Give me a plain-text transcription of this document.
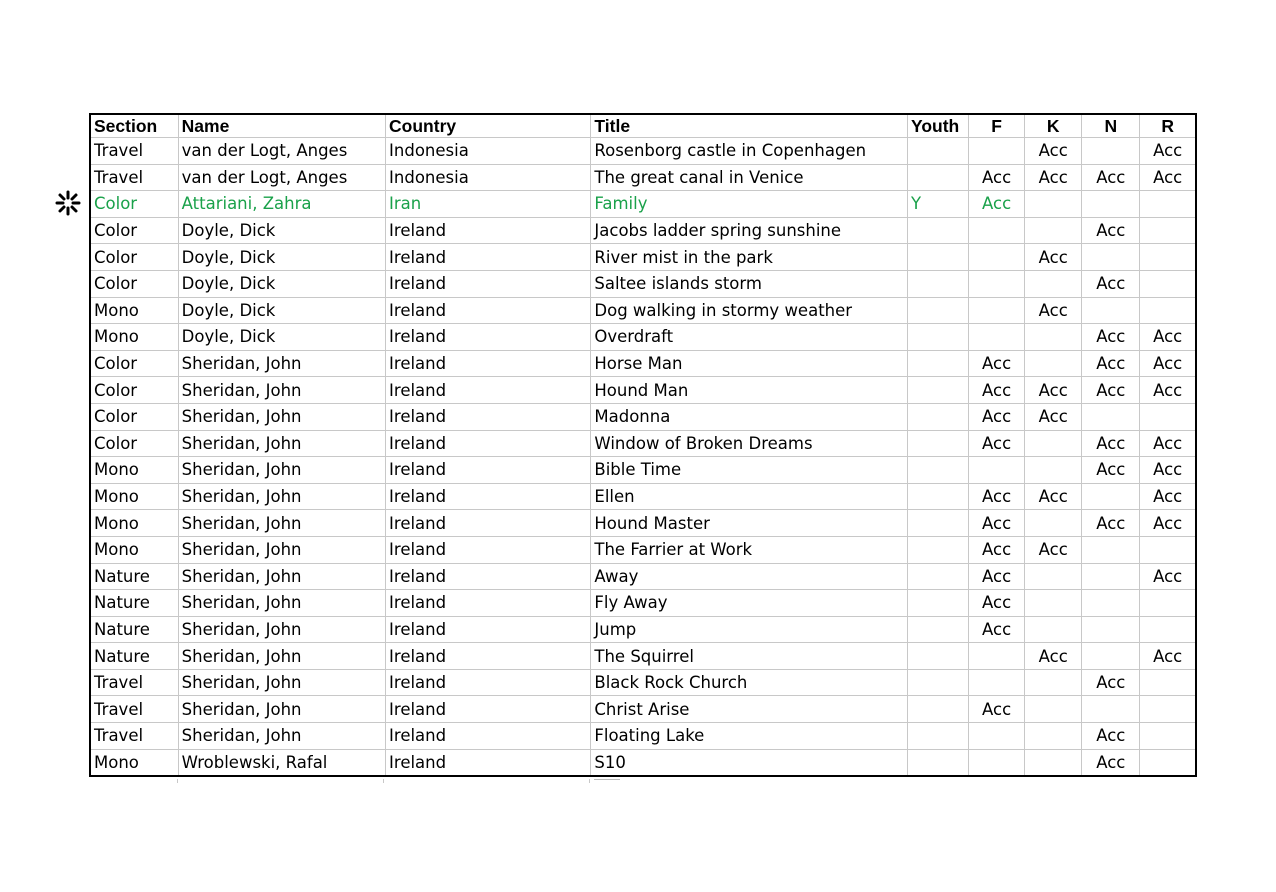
Section	Name	Country	Title	Youth	F	K	N	R
Travel	van der Logt, Anges	Indonesia	Rosenborg castle in Copenhagen			Acc		Acc
Travel	van der Logt, Anges	Indonesia	The great canal in Venice		Acc	Acc	Acc	Acc
Color	Attariani, Zahra	Iran	Family	Y	Acc			
Color	Doyle, Dick	Ireland	Jacobs ladder spring sunshine				Acc	
Color	Doyle, Dick	Ireland	River mist in the park			Acc		
Color	Doyle, Dick	Ireland	Saltee islands storm				Acc	
Mono	Doyle, Dick	Ireland	Dog walking in stormy weather			Acc		
Mono	Doyle, Dick	Ireland	Overdraft				Acc	Acc
Color	Sheridan, John	Ireland	Horse Man		Acc		Acc	Acc
Color	Sheridan, John	Ireland	Hound Man		Acc	Acc	Acc	Acc
Color	Sheridan, John	Ireland	Madonna		Acc	Acc		
Color	Sheridan, John	Ireland	Window of Broken Dreams		Acc		Acc	Acc
Mono	Sheridan, John	Ireland	Bible Time				Acc	Acc
Mono	Sheridan, John	Ireland	Ellen		Acc	Acc		Acc
Mono	Sheridan, John	Ireland	Hound Master		Acc		Acc	Acc
Mono	Sheridan, John	Ireland	The Farrier at Work		Acc	Acc		
Nature	Sheridan, John	Ireland	Away		Acc			Acc
Nature	Sheridan, John	Ireland	Fly Away		Acc			
Nature	Sheridan, John	Ireland	Jump		Acc			
Nature	Sheridan, John	Ireland	The Squirrel			Acc		Acc
Travel	Sheridan, John	Ireland	Black Rock Church				Acc	
Travel	Sheridan, John	Ireland	Christ Arise		Acc			
Travel	Sheridan, John	Ireland	Floating Lake				Acc	
Mono	Wroblewski, Rafal	Ireland	S10				Acc	
